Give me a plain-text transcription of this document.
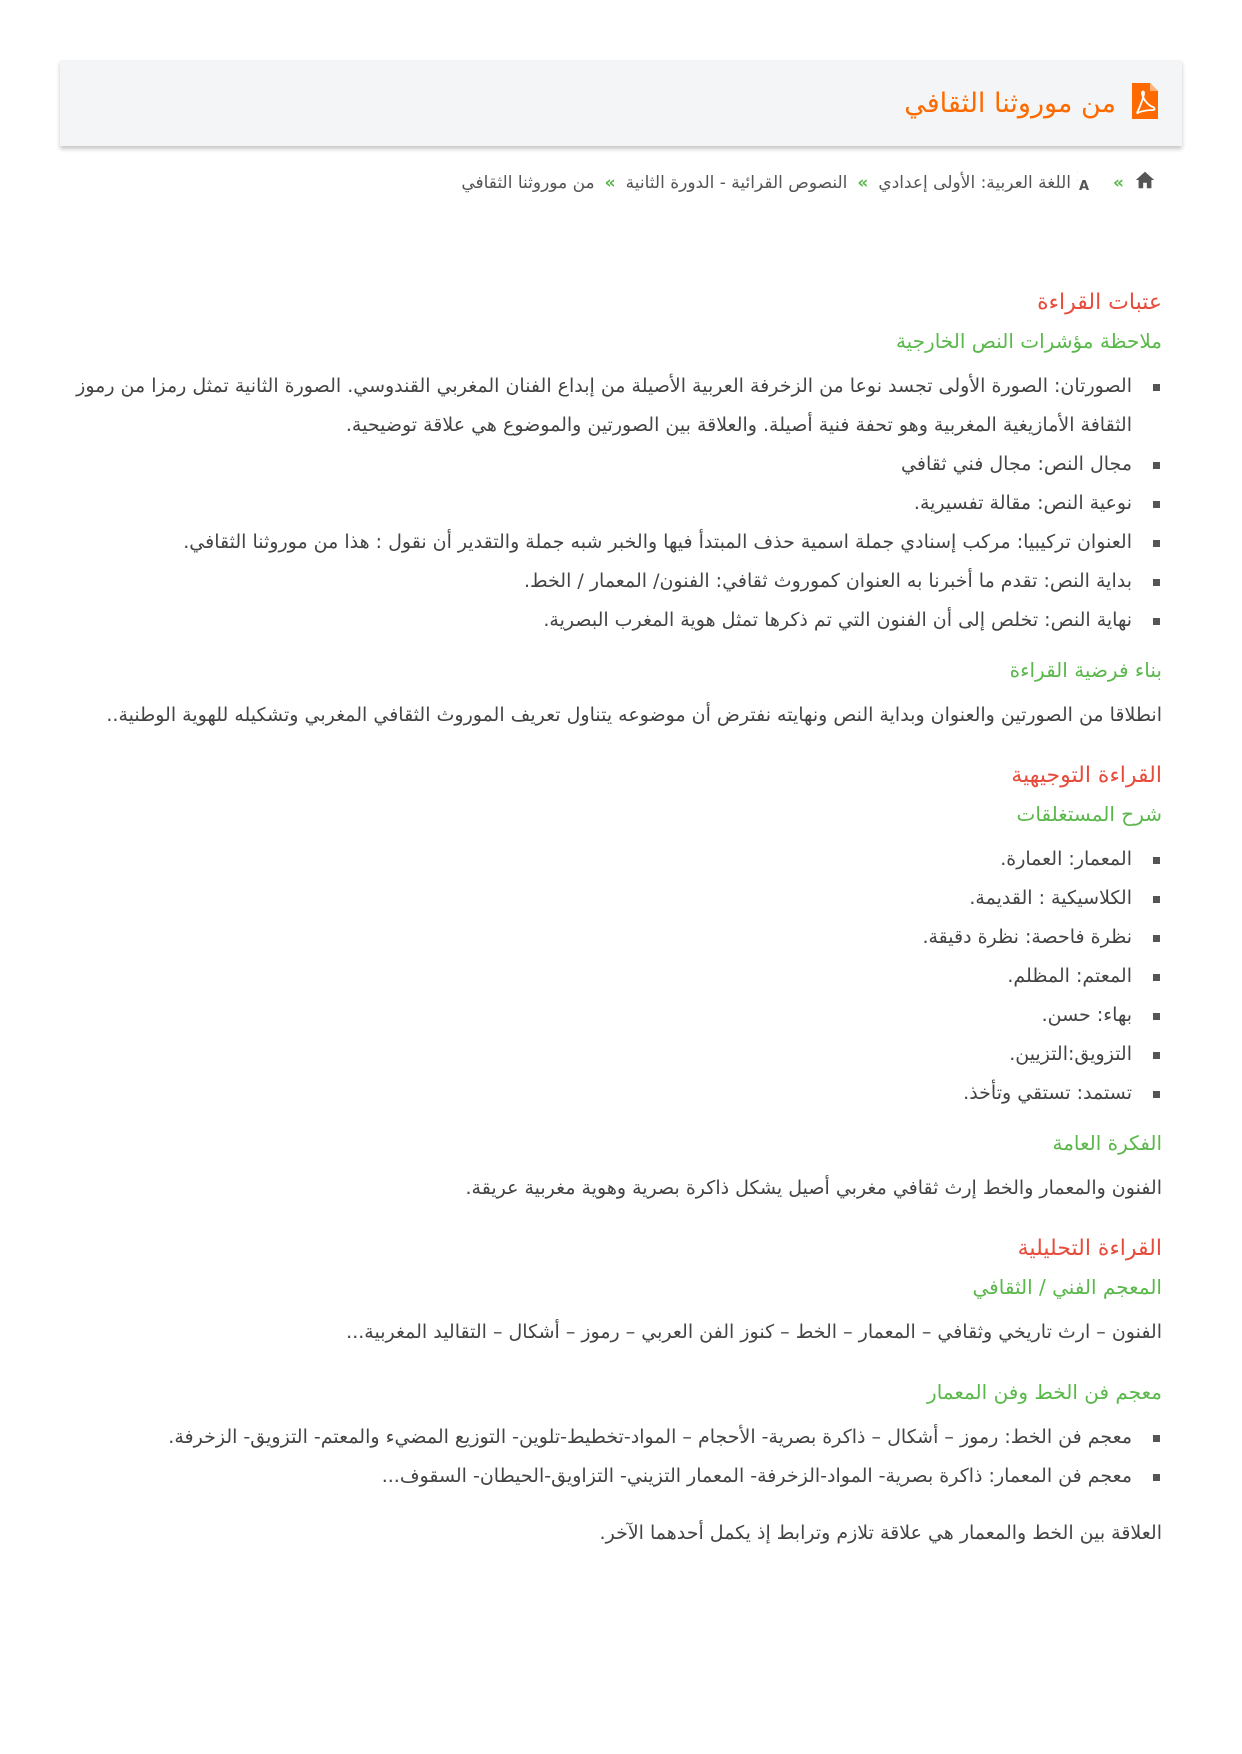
من موروثنا الثقافي
»
A
اللغة العربية: الأولى إعدادي
»
النصوص القرائية - الدورة الثانية
»
من موروثنا الثقافي
عتبات القراءة
ملاحظة مؤشرات النص الخارجية
الصورتان: الصورة الأولى تجسد نوعا من الزخرفة العربية الأصيلة من إبداع الفنان المغربي القندوسي. الصورة الثانية تمثل رمزا من رموز الثقافة الأمازيغية المغربية وهو تحفة فنية أصيلة. والعلاقة بين الصورتين والموضوع هي علاقة توضيحية.
مجال النص: مجال فني ثقافي
نوعية النص: مقالة تفسيرية.
العنوان تركيبيا: مركب إسنادي جملة اسمية حذف المبتدأ فيها والخبر شبه جملة والتقدير أن نقول : هذا من موروثنا الثقافي.
بداية النص: تقدم ما أخبرنا به العنوان كموروث ثقافي: الفنون/ المعمار / الخط.
نهاية النص: تخلص إلى أن الفنون التي تم ذكرها تمثل هوية المغرب البصرية.
بناء فرضية القراءة

انطلاقا من الصورتين والعنوان وبداية النص ونهايته نفترض أن موضوعه يتناول تعريف الموروث الثقافي المغربي وتشكيله للهوية الوطنية..

القراءة التوجيهية
شرح المستغلقات
المعمار: العمارة.
الكلاسيكية : القديمة.
نظرة فاحصة: نظرة دقيقة.
المعتم: المظلم.
بهاء: حسن.
التزويق:التزيين.
تستمد: تستقي وتأخذ.
الفكرة العامة

الفنون والمعمار والخط إرث ثقافي مغربي أصيل يشكل ذاكرة بصرية وهوية مغربية عريقة.

القراءة التحليلية
المعجم الفني / الثقافي

الفنون – ارث تاريخي وثقافي – المعمار – الخط – كنوز الفن العربي – رموز – أشكال – التقاليد المغربية...

معجم فن الخط وفن المعمار
معجم فن الخط: رموز – أشكال – ذاكرة بصرية- الأحجام – المواد-تخطيط-تلوين- التوزيع المضيء والمعتم- التزويق- الزخرفة.
معجم فن المعمار: ذاكرة بصرية- المواد-الزخرفة- المعمار التزيني- التزاويق-الحيطان- السقوف...

العلاقة بين الخط والمعمار هي علاقة تلازم وترابط إذ يكمل أحدهما الآخر.
